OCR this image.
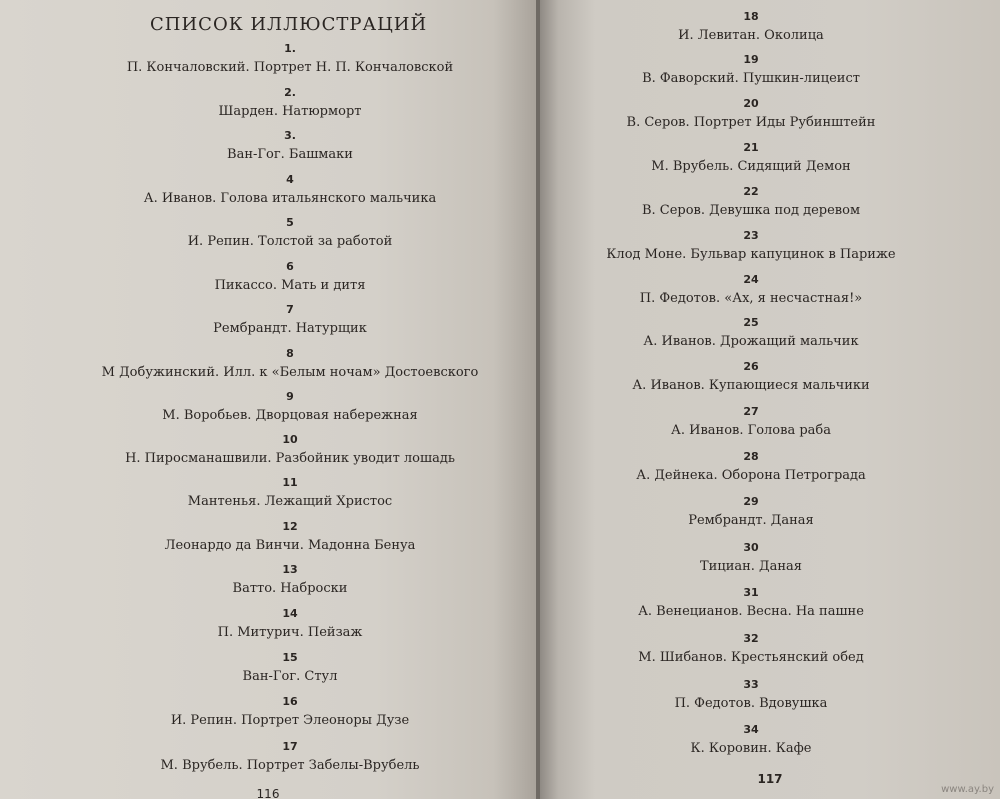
СПИСОК ИЛЛЮСТРАЦИЙ
1.
П. Кончаловский. Портрет Н. П. Кончаловской
2.
Шарден. Натюрморт
3.
Ван-Гог. Башмаки
4
А. Иванов. Голова итальянского мальчика
5
И. Репин. Толстой за работой
6
Пикассо. Мать и дитя
7
Рембрандт. Натурщик
8
М Добужинский. Илл. к «Белым ночам» Достоевского
9
М. Воробьев. Дворцовая набережная
10
Н. Пиросманашвили. Разбойник уводит лошадь
11
Мантенья. Лежащий Христос
12
Леонардо да Винчи. Мадонна Бенуа
13
Ватто. Наброски
14
П. Митурич. Пейзаж
15
Ван-Гог. Стул
16
И. Репин. Портрет Элеоноры Дузе
17
М. Врубель. Портрет Забелы-Врубель
116
18
И. Левитан. Околица
19
В. Фаворский. Пушкин-лицеист
20
В. Серов. Портрет Иды Рубинштейн
21
М. Врубель. Сидящий Демон
22
В. Серов. Девушка под деревом
23
Клод Моне. Бульвар капуцинок в Париже
24
П. Федотов. «Ах, я несчастная!»
25
А. Иванов. Дрожащий мальчик
26
А. Иванов. Купающиеся мальчики
27
А. Иванов. Голова раба
28
А. Дейнека. Оборона Петрограда
29
Рембрандт. Даная
30
Тициан. Даная
31
А. Венецианов. Весна. На пашне
32
М. Шибанов. Крестьянский обед
33
П. Федотов. Вдовушка
34
К. Коровин. Кафе
117
www.ay.by
